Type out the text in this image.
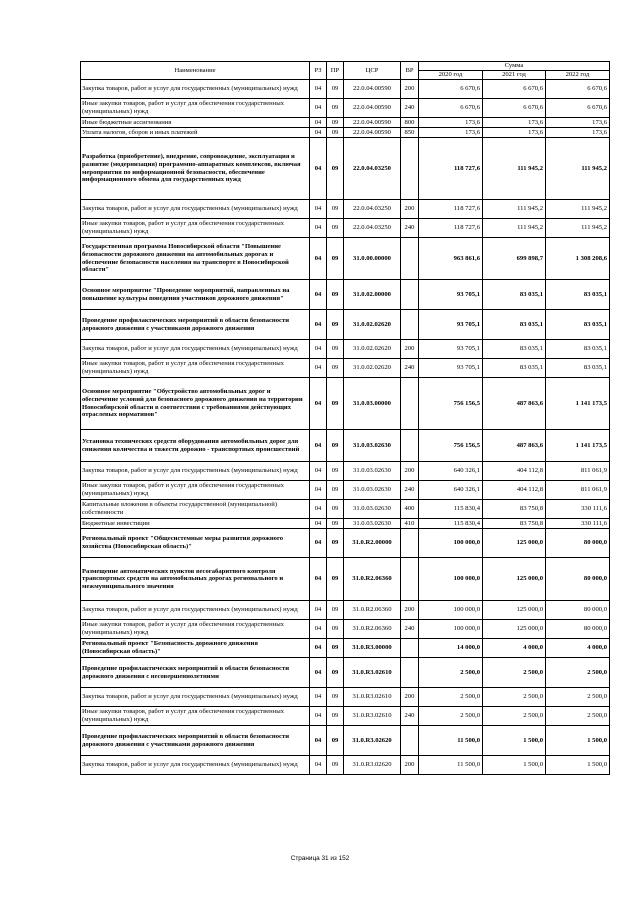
Наименование	РЗ	ПР	ЦСР	ВР	Сумма		
					2020 год	2021 год	2022 год
Закупка товаров, работ и услуг для государственных (муниципальных) нужд	04	09	22.0.04.00590	200	6 670,6	6 670,6	6 670,6
Иные закупки товаров, работ и услуг для обеспечения государственных (муниципальных) нужд	04	09	22.0.04.00590	240	6 670,6	6 670,6	6 670,6
Иные бюджетные ассигнования	04	09	22.0.04.00590	800	173,6	173,6	173,6
Уплата налогов, сборов и иных платежей	04	09	22.0.04.00590	850	173,6	173,6	173,6
Разработка (приобретение), внедрение, сопровождение, эксплуатация и развитие (модернизация) программно-аппаратных комплексов, включая мероприятия по информационной безопасности, обеспечение информационного обмена для государственных нужд	04	09	22.0.04.03250		118 727,6	111 945,2	111 945,2
Закупка товаров, работ и услуг для государственных (муниципальных) нужд	04	09	22.0.04.03250	200	118 727,6	111 945,2	111 945,2
Иные закупки товаров, работ и услуг для обеспечения государственных (муниципальных) нужд	04	09	22.0.04.03250	240	118 727,6	111 945,2	111 945,2
Государственная программа Новосибирской области "Повышение безопасности дорожного движения на автомобильных дорогах и обеспечение безопасности населения на транспорте в Новосибирской области"	04	09	31.0.00.00000		963 861,6	699 898,7	1 308 208,6
Основное мероприятие "Проведение мероприятий, направленных на повышение культуры поведения участников дорожного движения"	04	09	31.0.02.00000		93 705,1	83 035,1	83 035,1
Проведение профилактических мероприятий в области безопасности дорожного движения с участниками дорожного движения	04	09	31.0.02.02620		93 705,1	83 035,1	83 035,1
Закупка товаров, работ и услуг для государственных (муниципальных) нужд	04	09	31.0.02.02620	200	93 705,1	83 035,1	83 035,1
Иные закупки товаров, работ и услуг для обеспечения государственных (муниципальных) нужд	04	09	31.0.02.02620	240	93 705,1	83 035,1	83 035,1
Основное мероприятие "Обустройство автомобильных дорог и обеспечение условий для безопасного дорожного движения на территории Новосибирской области в соответствии с требованиями действующих отраслевых нормативов"	04	09	31.0.03.00000		756 156,5	487 863,6	1 141 173,5
Установка технических средств оборудования автомобильных дорог для снижения количества и тяжести дорожно - транспортных происшествий	04	09	31.0.03.02630		756 156,5	487 863,6	1 141 173,5
Закупка товаров, работ и услуг для государственных (муниципальных) нужд	04	09	31.0.03.02630	200	640 326,1	404 112,8	811 061,9
Иные закупки товаров, работ и услуг для обеспечения государственных (муниципальных) нужд	04	09	31.0.03.02630	240	640 326,1	404 112,8	811 061,9
Капитальные вложения в объекты государственной (муниципальной) собственности	04	09	31.0.03.02630	400	115 830,4	83 750,8	330 111,6
Бюджетные инвестиции	04	09	31.0.03.02630	410	115 830,4	83 750,8	330 111,6
Региональный проект "Общесистемные меры развития дорожного хозяйства (Новосибирская область)"	04	09	31.0.R2.00000		100 000,0	125 000,0	80 000,0
Размещение автоматических пунктов весогабаритного контроля транспортных средств на автомобильных дорогах регионального и межмуниципального значения	04	09	31.0.R2.06360		100 000,0	125 000,0	80 000,0
Закупка товаров, работ и услуг для государственных (муниципальных) нужд	04	09	31.0.R2.06360	200	100 000,0	125 000,0	80 000,0
Иные закупки товаров, работ и услуг для обеспечения государственных (муниципальных) нужд	04	09	31.0.R2.06360	240	100 000,0	125 000,0	80 000,0
Региональный проект "Безопасность дорожного движения (Новосибирская область)"	04	09	31.0.R3.00000		14 000,0	4 000,0	4 000,0
Проведение профилактических мероприятий в области безопасности дорожного движения с несовершеннолетними	04	09	31.0.R3.02610		2 500,0	2 500,0	2 500,0
Закупка товаров, работ и услуг для государственных (муниципальных) нужд	04	09	31.0.R3.02610	200	2 500,0	2 500,0	2 500,0
Иные закупки товаров, работ и услуг для обеспечения государственных (муниципальных) нужд	04	09	31.0.R3.02610	240	2 500,0	2 500,0	2 500,0
Проведение профилактических мероприятий в области безопасности дорожного движения с участниками дорожного движения	04	09	31.0.R3.02620		11 500,0	1 500,0	1 500,0
Закупка товаров, работ и услуг для государственных (муниципальных) нужд	04	09	31.0.R3.02620	200	11 500,0	1 500,0	1 500,0
Страница 31 из 152
